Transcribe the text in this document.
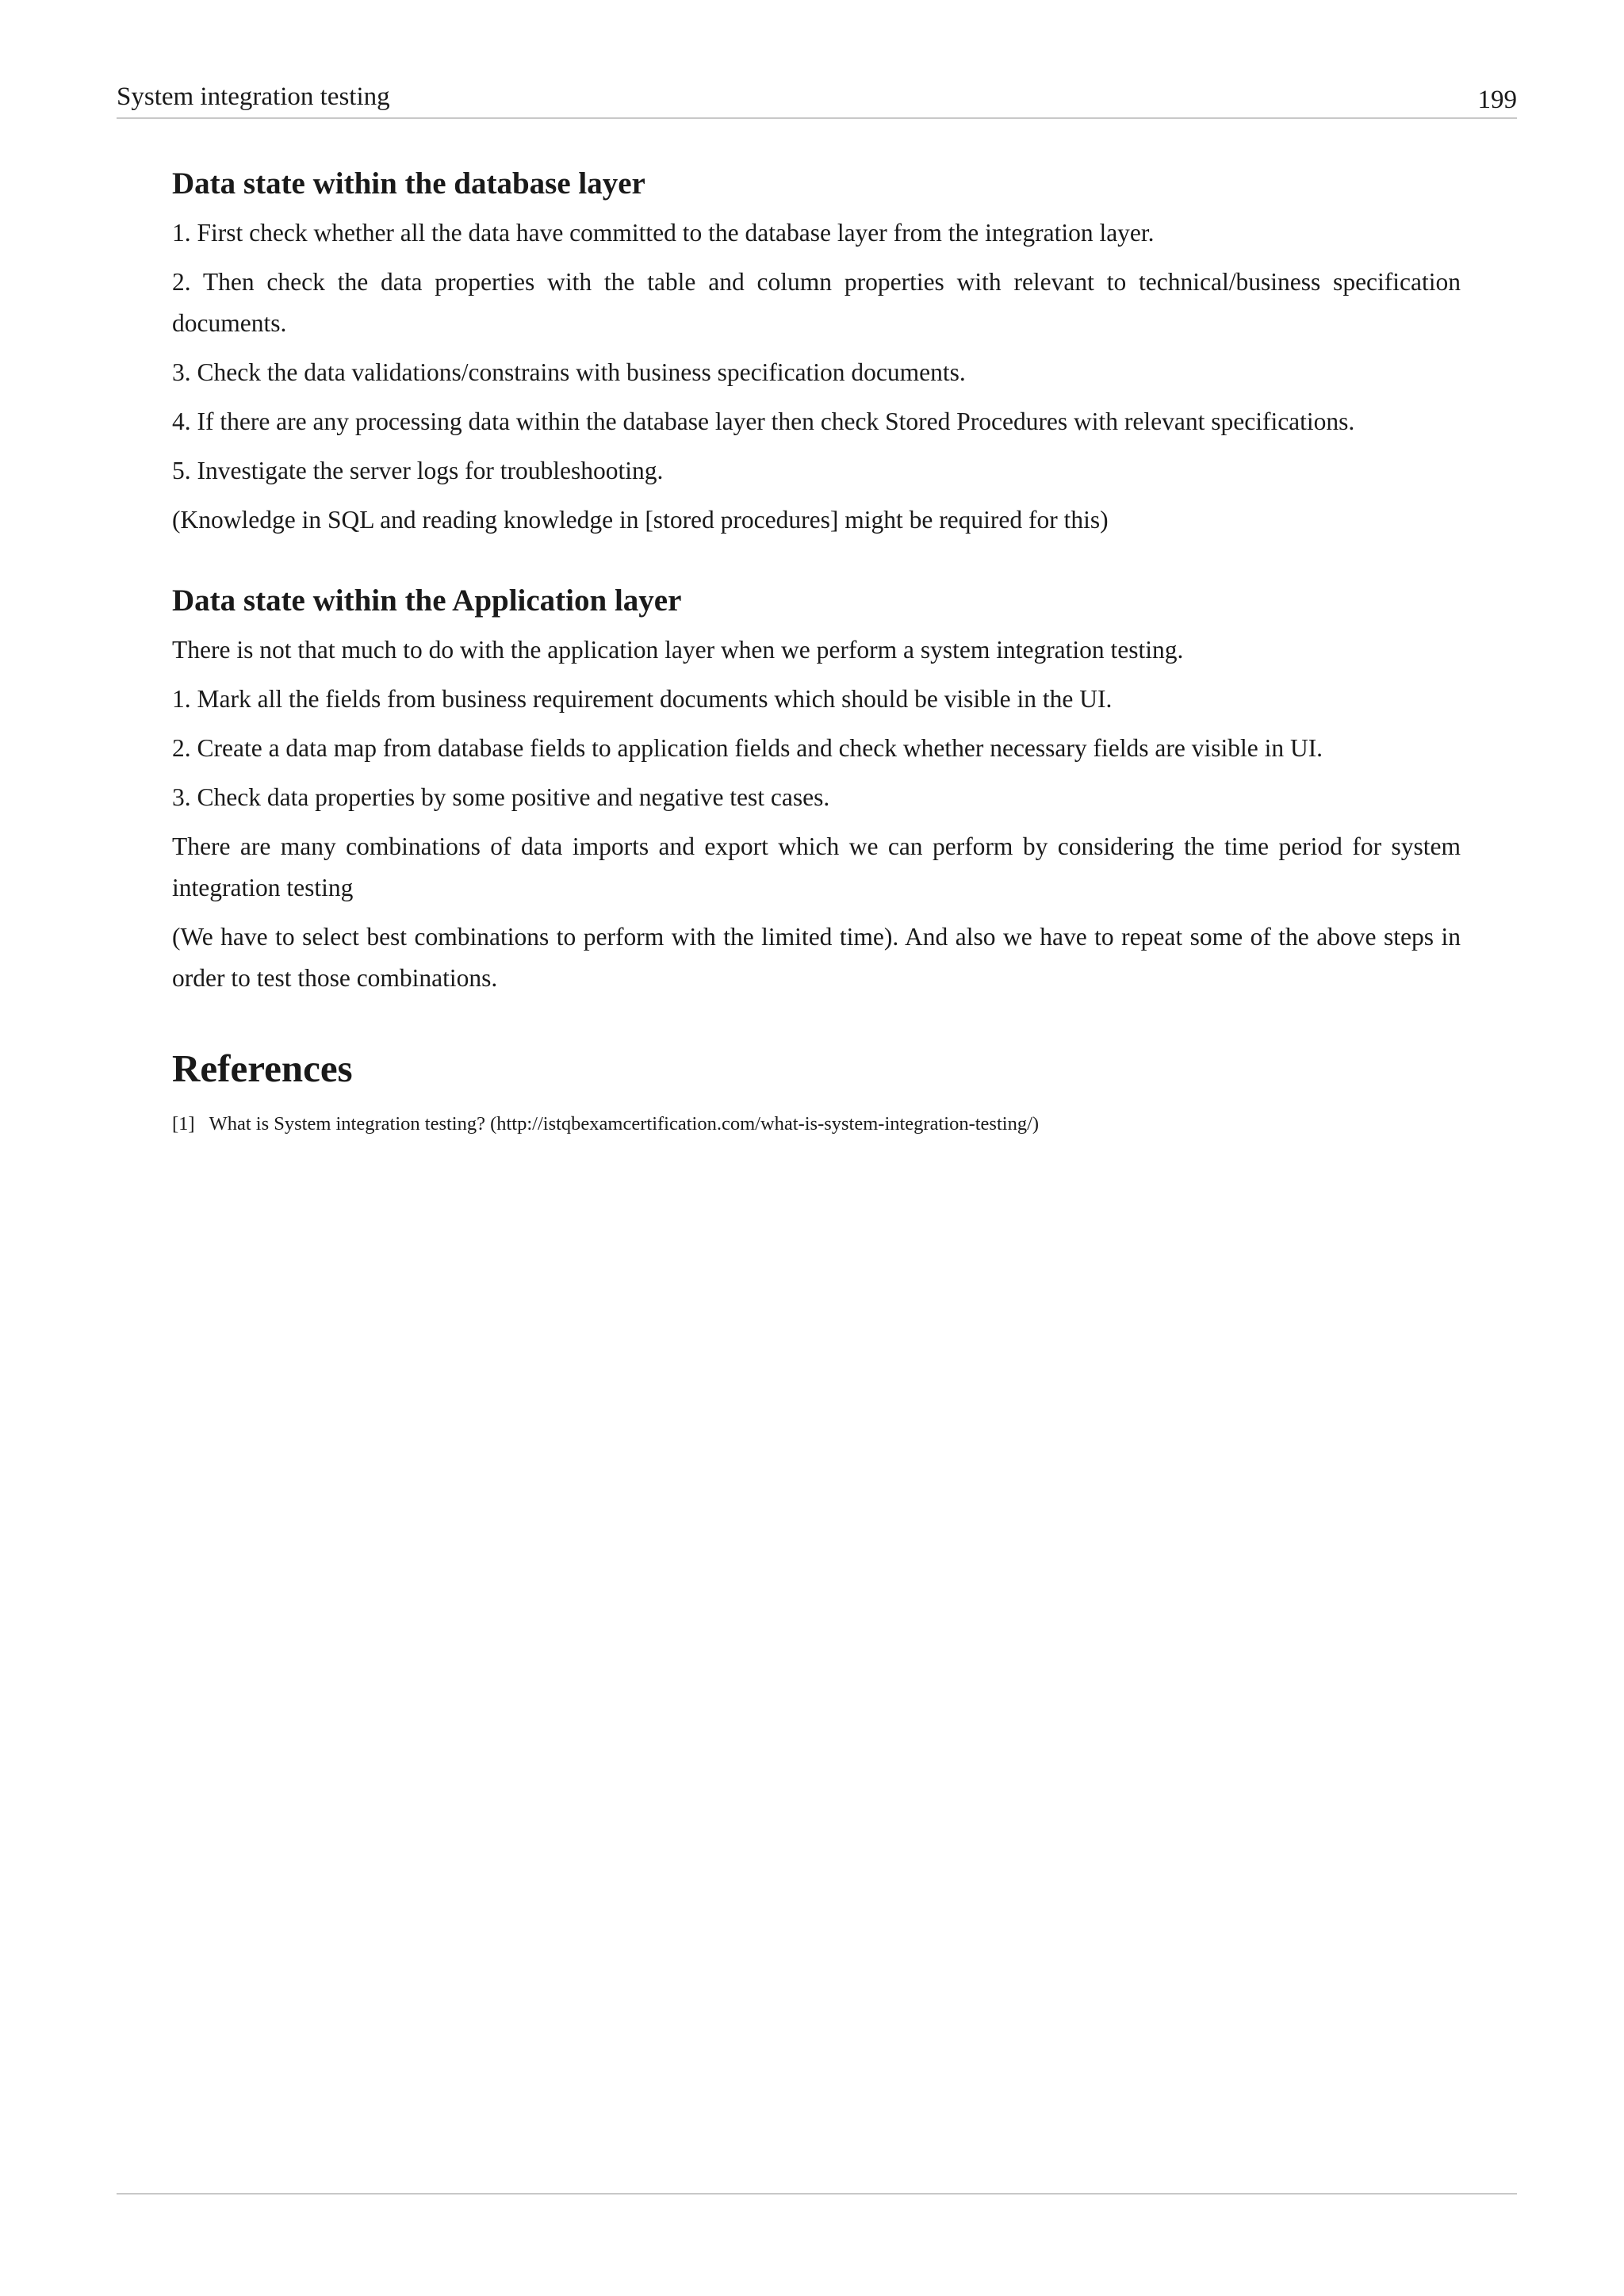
System integration testing	199
Data state within the database layer

1. First check whether all the data have committed to the database layer from the integration layer.

2. Then check the data properties with the table and column properties with relevant to technical/business specification documents.

3. Check the data validations/constrains with business specification documents.

4. If there are any processing data within the database layer then check Stored Procedures with relevant specifications.

5. Investigate the server logs for troubleshooting.

(Knowledge in SQL and reading knowledge in [stored procedures] might be required for this)

Data state within the Application layer

There is not that much to do with the application layer when we perform a system integration testing.

1. Mark all the fields from business requirement documents which should be visible in the UI.

2. Create a data map from database fields to application fields and check whether necessary fields are visible in UI.

3. Check data properties by some positive and negative test cases.

There are many combinations of data imports and export which we can perform by considering the time period for system integration testing

(We have to select best combinations to perform with the limited time). And also we have to repeat some of the above steps in order to test those combinations.

References

[1] What is System integration testing? (http://istqbexamcertification.com/what-is-system-integration-testing/)
